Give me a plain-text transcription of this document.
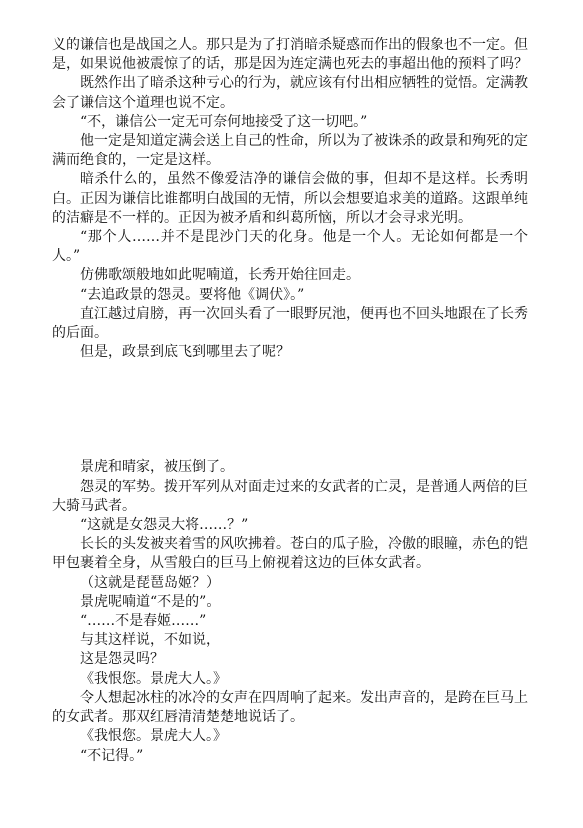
义的谦信也是战国之人。那只是为了打消暗杀疑惑而作出的假象也不一定。但是，如果说他被震惊了的话，那是因为连定满也死去的事超出他的预料了吗？

既然作出了暗杀这种亏心的行为，就应该有付出相应牺牲的觉悟。定满教会了谦信这个道理也说不定。

“不，谦信公一定无可奈何地接受了这一切吧。”

他一定是知道定满会送上自己的性命，所以为了被诛杀的政景和殉死的定满而绝食的，一定是这样。

暗杀什么的，虽然不像爱洁净的谦信会做的事，但却不是这样。长秀明白。正因为谦信比谁都明白战国的无情，所以会想要追求美的道路。这跟单纯的洁癖是不一样的。正因为被矛盾和纠葛所恼，所以才会寻求光明。

“那个人……并不是毘沙门天的化身。他是一个人。无论如何都是一个人。”

仿佛歌颂般地如此呢喃道，长秀开始往回走。

“去追政景的怨灵。要将他《调伏》。”

直江越过肩膀，再一次回头看了一眼野尻池，便再也不回头地跟在了长秀的后面。

但是，政景到底飞到哪里去了呢？

景虎和晴家，被压倒了。

怨灵的军势。拨开军列从对面走过来的女武者的亡灵，是普通人两倍的巨大骑马武者。

“这就是女怨灵大将……？”

长长的头发被夹着雪的风吹拂着。苍白的瓜子脸，冷傲的眼瞳，赤色的铠甲包裹着全身，从雪般白的巨马上俯视着这边的巨体女武者。

（这就是琵琶岛姬？）

景虎呢喃道“不是的”。

“……不是春姬……”

与其这样说，不如说，

这是怨灵吗？

《我恨您。景虎大人。》

令人想起冰柱的冰冷的女声在四周响了起来。发出声音的，是跨在巨马上的女武者。那双红唇清清楚楚地说话了。

《我恨您。景虎大人。》

“不记得。”
